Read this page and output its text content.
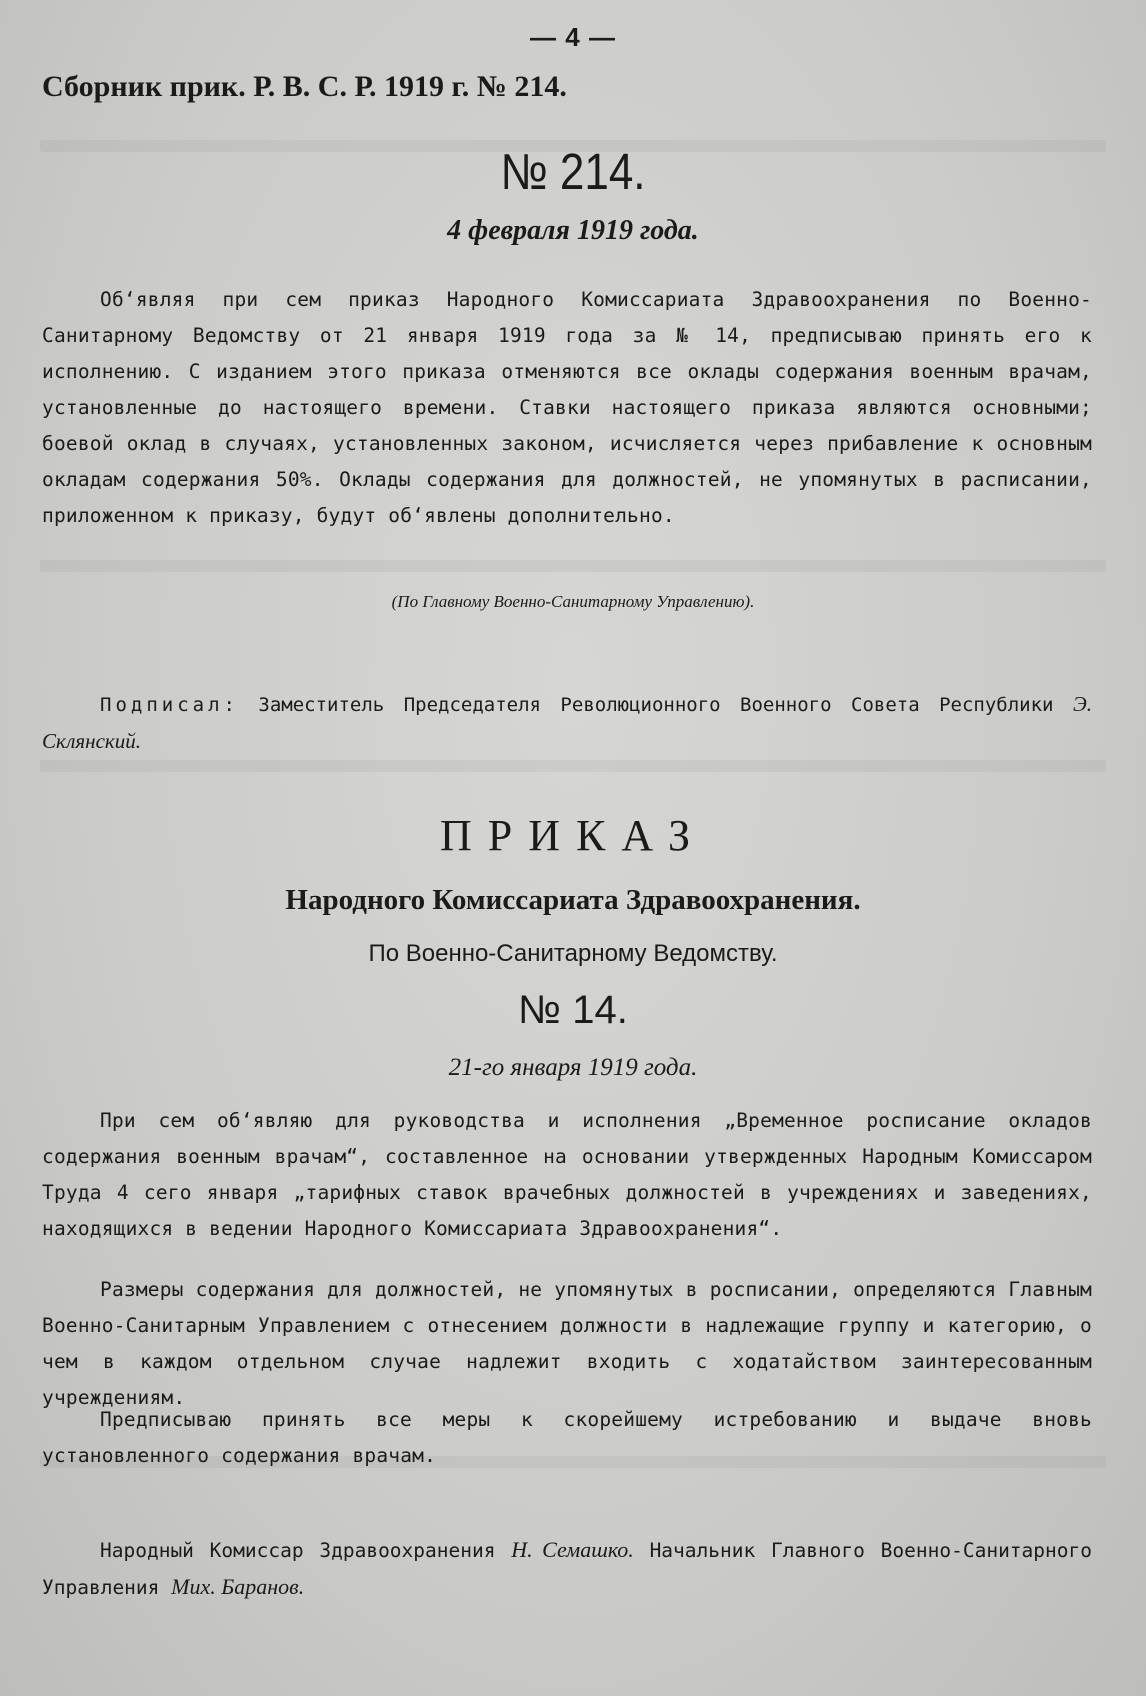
— 4 —
Сборник прик. Р. В. С. Р. 1919 г. № 214.
№ 214.
4 февраля 1919 года.
Об‘являя при сем приказ Народного Комиссариата Здравоохранения по Военно-Санитарному Ведомству от 21 января 1919 года за № 14, предписываю принять его к исполнению. С изданием этого приказа отменяются все оклады содержания военным врачам, установленные до настоящего времени. Ставки настоящего приказа являются основными; боевой оклад в случаях, установленных законом, исчисляется через прибавление к основным окладам содержания 50%. Оклады содержания для должностей, не упомянутых в расписании, приложенном к приказу, будут об‘явлены дополнительно.
(По Главному Военно-Санитарному Управлению).
Подписал: Заместитель Председателя Революционного Военного Совета Республики Э. Склянский.
ПРИКАЗ
Народного Комиссариата Здравоохранения.
По Военно-Санитарному Ведомству.
№ 14.
21-го января 1919 года.
При сем об‘являю для руководства и исполнения „Временное росписание окладов содержания военным врачам“, составленное на основании утвержденных Народным Комиссаром Труда 4 сего января „тарифных ставок врачебных должностей в учреждениях и заведениях, находящихся в ведении Народного Комиссариата Здравоохранения“.
Размеры содержания для должностей, не упомянутых в росписании, определяются Главным Военно-Санитарным Управлением с отнесением должности в надлежащие группу и категорию, о чем в каждом отдельном случае надлежит входить с ходатайством заинтересованным учреждениям.
Предписываю принять все меры к скорейшему истребованию и выдаче вновь установленного содержания врачам.
Народный Комиссар Здравоохранения Н. Семашко. Начальник Главного Военно-Санитарного Управления Мих. Баранов.
